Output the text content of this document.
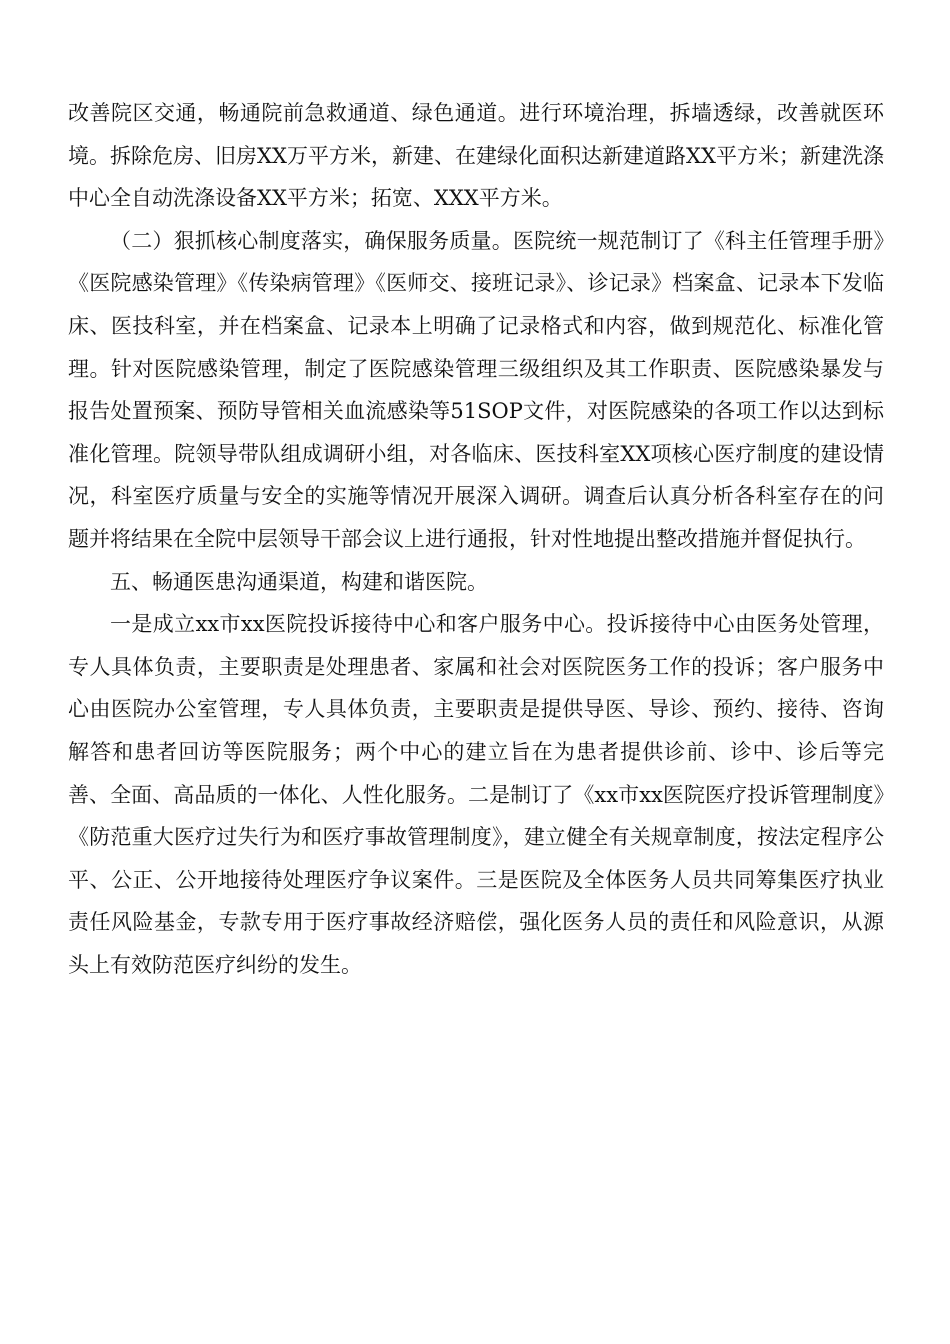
改善院区交通，畅通院前急救通道、绿色通道。进行环境治理，拆墙透绿，改善就医环境。拆除危房、旧房XX万平方米，新建、在建绿化面积达新建道路XX平方米；新建洗涤中心全自动洗涤设备XX平方米；拓宽、XXX平方米。

（二）狠抓核心制度落实，确保服务质量。医院统一规范制订了《科主任管理手册》《医院感染管理》《传染病管理》《医师交、接班记录》、诊记录》档案盒、记录本下发临床、医技科室，并在档案盒、记录本上明确了记录格式和内容，做到规范化、标准化管理。针对医院感染管理，制定了医院感染管理三级组织及其工作职责、医院感染暴发与报告处置预案、预防导管相关血流感染等51SOP文件，对医院感染的各项工作以达到标准化管理。院领导带队组成调研小组，对各临床、医技科室XX项核心医疗制度的建设情况，科室医疗质量与安全的实施等情况开展深入调研。调查后认真分析各科室存在的问题并将结果在全院中层领导干部会议上进行通报，针对性地提出整改措施并督促执行。

五、畅通医患沟通渠道，构建和谐医院。

一是成立xx市xx医院投诉接待中心和客户服务中心。投诉接待中心由医务处管理，专人具体负责，主要职责是处理患者、家属和社会对医院医务工作的投诉；客户服务中心由医院办公室管理，专人具体负责，主要职责是提供导医、导诊、预约、接待、咨询解答和患者回访等医院服务；两个中心的建立旨在为患者提供诊前、诊中、诊后等完善、全面、高品质的一体化、人性化服务。二是制订了《xx市xx医院医疗投诉管理制度》《防范重大医疗过失行为和医疗事故管理制度》，建立健全有关规章制度，按法定程序公平、公正、公开地接待处理医疗争议案件。三是医院及全体医务人员共同筹集医疗执业责任风险基金，专款专用于医疗事故经济赔偿，强化医务人员的责任和风险意识，从源头上有效防范医疗纠纷的发生。
